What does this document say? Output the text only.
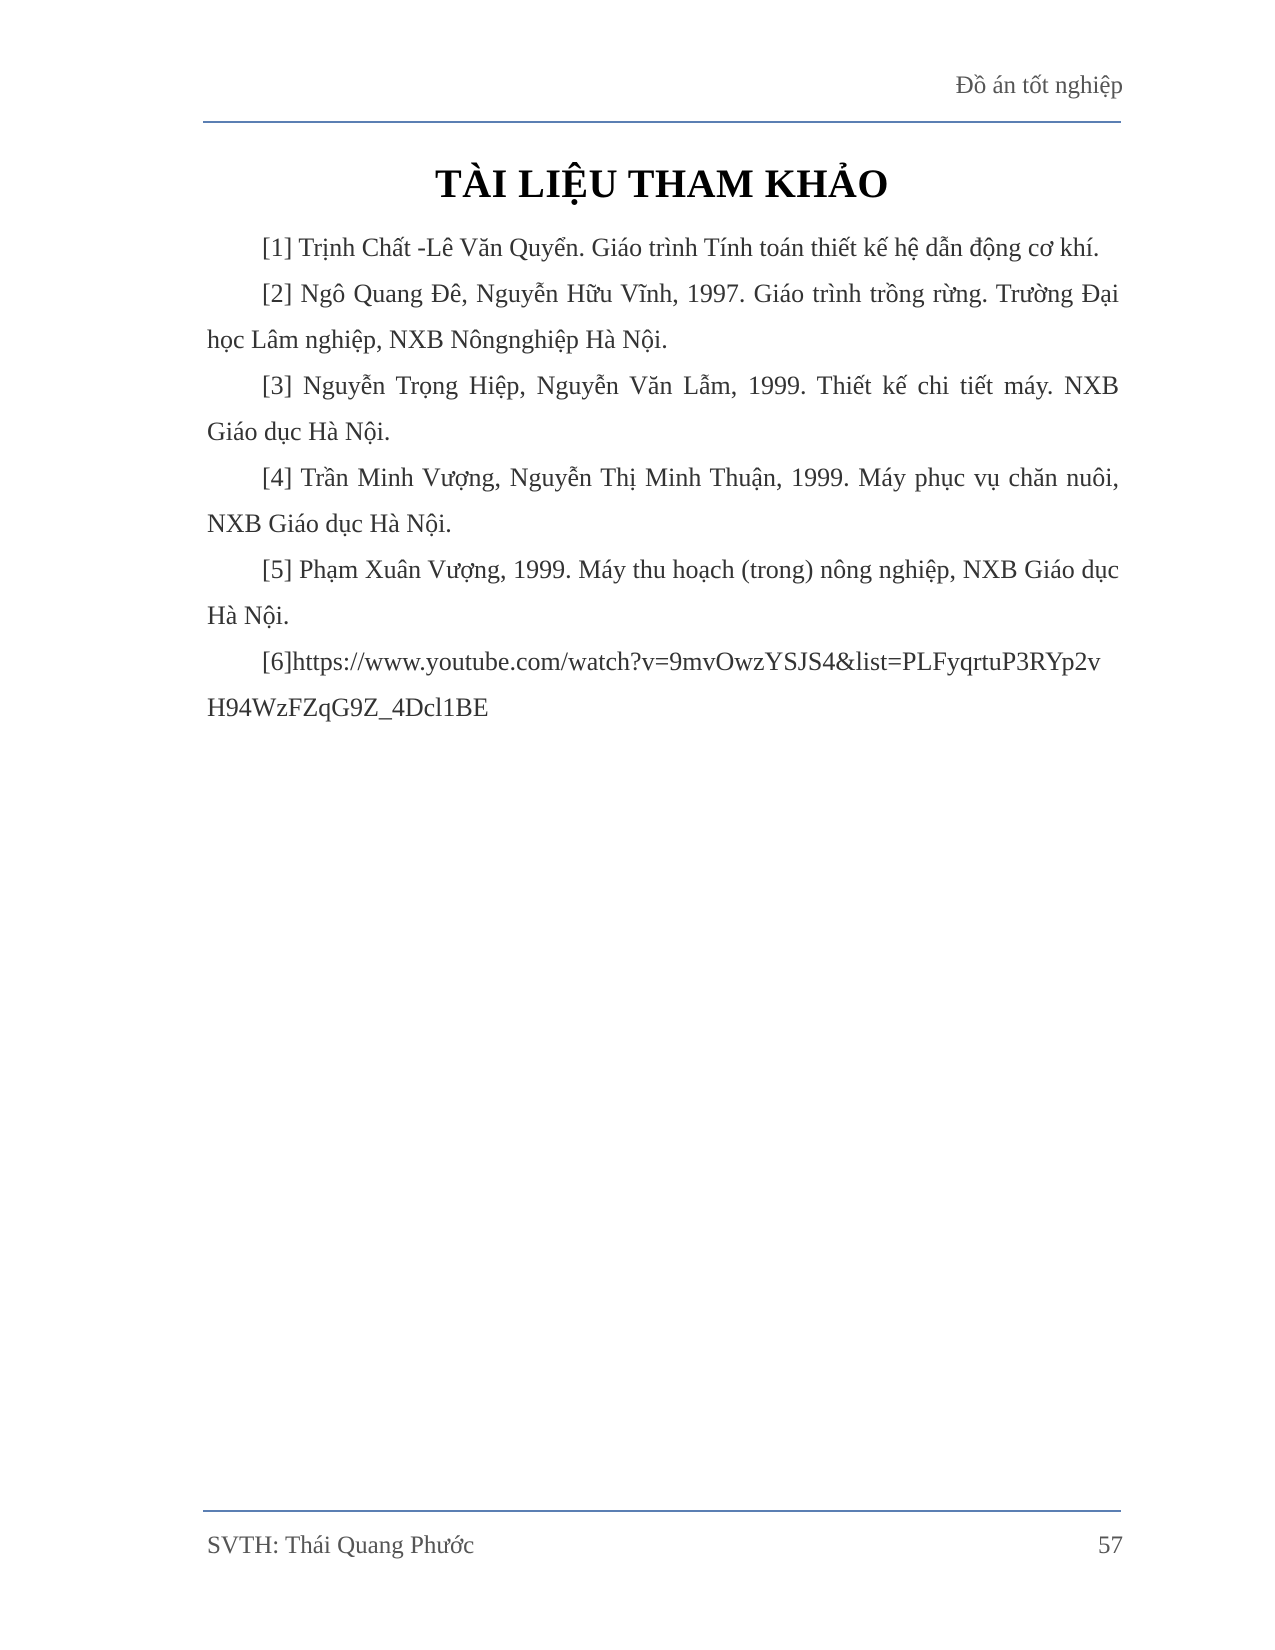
Đồ án tốt nghiệp
TÀI LIỆU THAM KHẢO

[1] Trịnh Chất -Lê Văn Quyển. Giáo trình Tính toán thiết kế hệ dẫn động cơ khí.

[2] Ngô Quang Đê, Nguyễn Hữu Vĩnh, 1997. Giáo trình trồng rừng. Trường Đại học Lâm nghiệp, NXB Nôngnghiệp Hà Nội.

[3] Nguyễn Trọng Hiệp, Nguyễn Văn Lẫm, 1999. Thiết kế chi tiết máy. NXB Giáo dục Hà Nội.

[4] Trần Minh Vượng, Nguyễn Thị Minh Thuận, 1999. Máy phục vụ chăn nuôi, NXB Giáo dục Hà Nội.

[5] Phạm Xuân Vượng, 1999. Máy thu hoạch (trong) nông nghiệp, NXB Giáo dục Hà Nội.

[6]https://www.youtube.com/watch?v=9mvOwzYSJS4&list=PLFyqrtuP3RYp2vH94WzFZqG9Z_4Dcl1BE

SVTH: Thái Quang Phước	57
